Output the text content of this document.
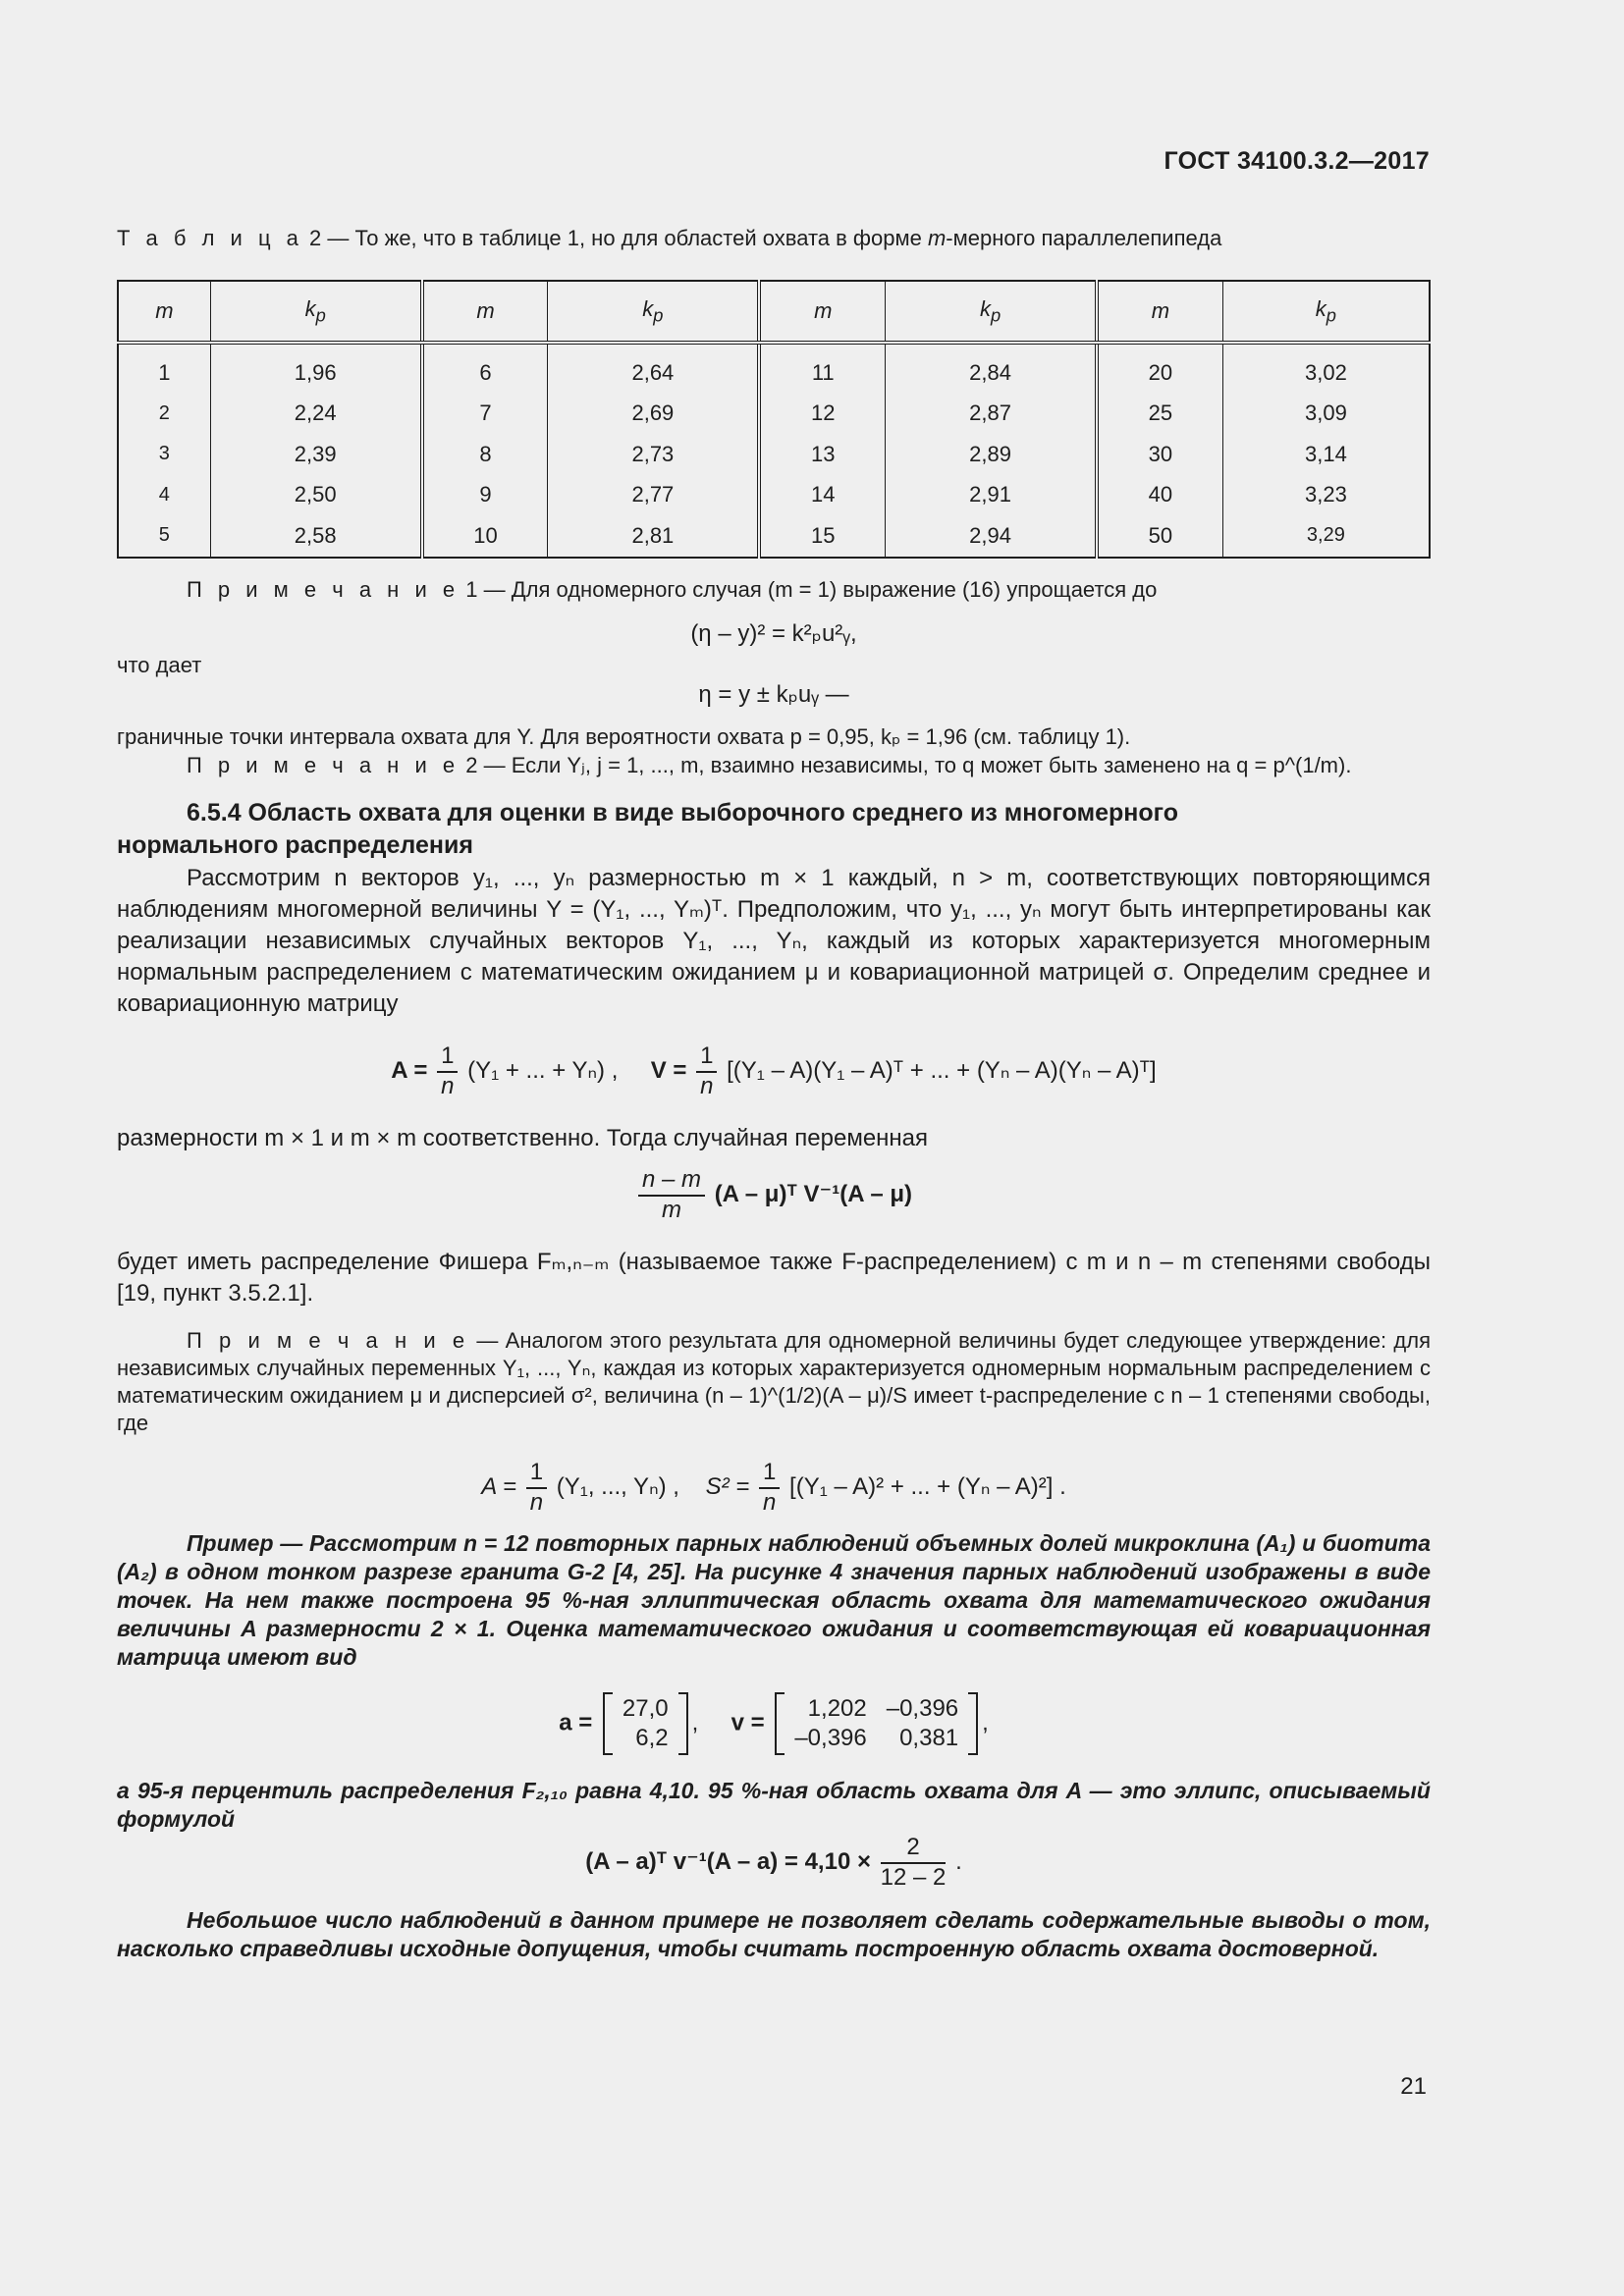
ГОСТ 34100.3.2—2017
Т а б л и ц а 2 — То же, что в таблице 1, но для областей охвата в форме m-мерного параллелепипеда
m	$k_p$	m	$k_p$	m	$k_p$	m	$k_p$
1	1,96	6	2,64	11	2,84	20	3,02
2	2,24	7	2,69	12	2,87	25	3,09
3	2,39	8	2,73	13	2,89	30	3,14
4	2,50	9	2,77	14	2,91	40	3,23
5	2,58	10	2,81	15	2,94	50	3,29
П р и м е ч а н и е 1 — Для одномерного случая (m = 1) выражение (16) упрощается до
(η – y)² = k²ₚu²ᵧ,
что дает
η = y ± kₚuᵧ —
граничные точки интервала охвата для Y. Для вероятности охвата p = 0,95, kₚ = 1,96 (см. таблицу 1).
П р и м е ч а н и е 2 — Если Yⱼ, j = 1, ..., m, взаимно независимы, то q может быть заменено на q = p^(1/m).
6.5.4 Область охвата для оценки в виде выборочного среднего из многомерного
нормального распределения
Рассмотрим n векторов y₁, ..., yₙ размерностью m × 1 каждый, n > m, соответствующих повторяющимся наблюдениям многомерной величины Y = (Y₁, ..., Yₘ)ᵀ. Предположим, что y₁, ..., yₙ могут быть интерпретированы как реализации независимых случайных векторов Y₁, ..., Yₙ, каждый из которых характеризуется многомерным нормальным распределением с математическим ожиданием μ и ковариационной матрицей σ. Определим среднее и ковариационную матрицу
$A = \frac{1}{n} (Y_1$ + ... + Yₙ) , $V = \frac{1}{n} [(Y_1 - A)(Y_1$ – A)ᵀ + ... + (Yₙ – A)(Yₙ – A)ᵀ]
размерности m × 1 и m × m соответственно. Тогда случайная переменная
$\frac{n - m}{m} (A$ – μ)ᵀ V⁻¹(A – μ)
будет иметь распределение Фишера Fₘ,ₙ₋ₘ (называемое также F-распределением) с m и n – m степенями свободы [19, пункт 3.5.2.1].
П р и м е ч а н и е — Аналогом этого результата для одномерной величины будет следующее утверждение: для независимых случайных переменных Y₁, ..., Yₙ, каждая из которых характеризуется одномерным нормальным распределением с математическим ожиданием μ и дисперсией σ², величина (n – 1)^(1/2)(A – μ)/S имеет t-распределение с n – 1 степенями свободы, где
$A = \frac{1}{n} (Y_1$, ..., Yₙ) , $S^2 = \frac{1}{n} [(Y_1 - A)^2$ + ... + (Yₙ – A)²] .
Пример — Рассмотрим n = 12 повторных парных наблюдений объемных долей микроклина (A₁) и биотита (A₂) в одном тонком разрезе гранита G-2 [4, 25]. На рисунке 4 значения парных наблюдений изображены в виде точек. На нем также построена 95 %-ная эллиптическая область охвата для математического ожидания величины A размерности 2 × 1. Оценка математического ожидания и соответствующая ей ковариационная матрица имеют вид
a =
27,0
6,2
, v =
1,202	–0,396
–0,396	0,381
,
а 95-я перцентиль распределения F₂,₁₀ равна 4,10. 95 %-ная область охвата для A — это эллипс, описываемый формулой
(A – a)ᵀ $v^{-1}(A - a) = 4,10 \times \frac{2}{12 - 2}$ .
Небольшое число наблюдений в данном примере не позволяет сделать содержательные выводы о том, насколько справедливы исходные допущения, чтобы считать построенную область охвата достоверной.
21
